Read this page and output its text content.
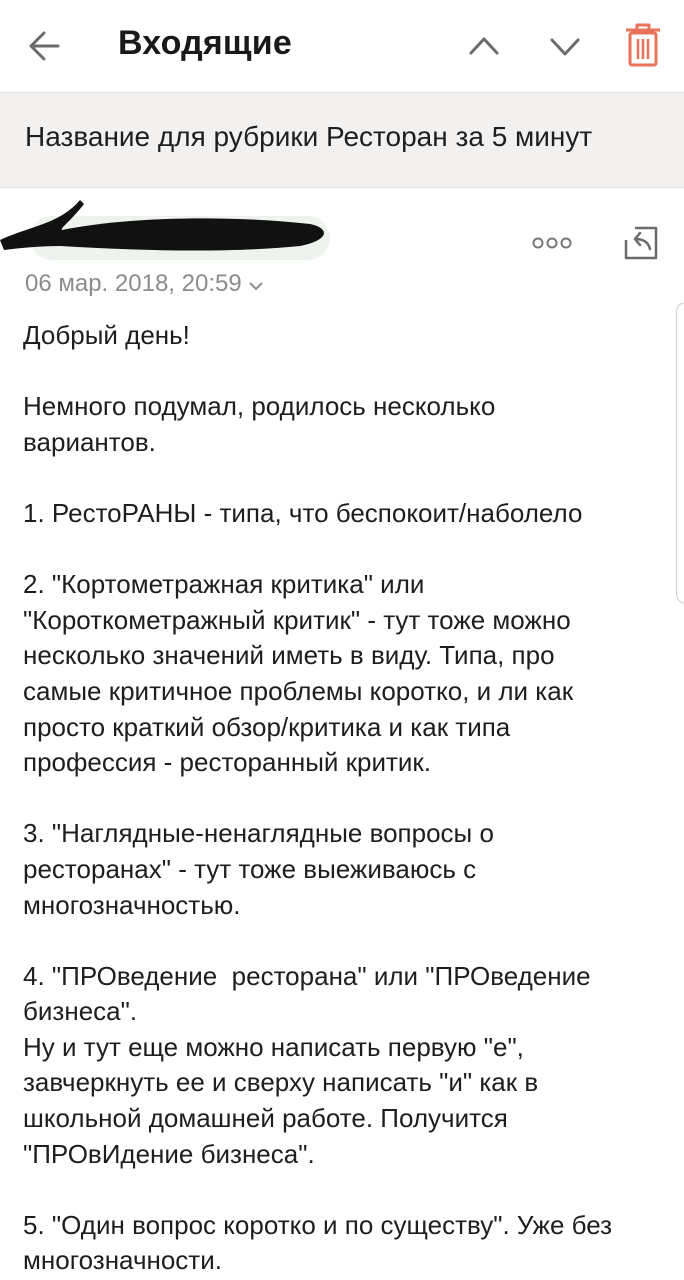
Входящие
Название для рубрики Ресторан за 5 минут
06 мар. 2018, 20:59

Добрый день!

Немного подумал, родилось несколько
вариантов.

1. РестоРАНЫ - типа, что беспокоит/наболело

2. "Кортометражная критика" или
"Короткометражный критик" - тут тоже можно
несколько значений иметь в виду. Типа, про
самые критичное проблемы коротко, и ли как
просто краткий обзор/критика и как типа
профессия - ресторанный критик.

3. "Наглядные-ненаглядные вопросы о
ресторанах" - тут тоже выеживаюсь с
многозначностью.

4. "ПРОведение  ресторана" или "ПРОведение
бизнеса".
Ну и тут еще можно написать первую "е",
завчеркнуть ее и сверху написать "и" как в
школьной домашней работе. Получится
"ПРОвИдение бизнеса".

5. "Один вопрос коротко и по существу". Уже без
многозначности.
